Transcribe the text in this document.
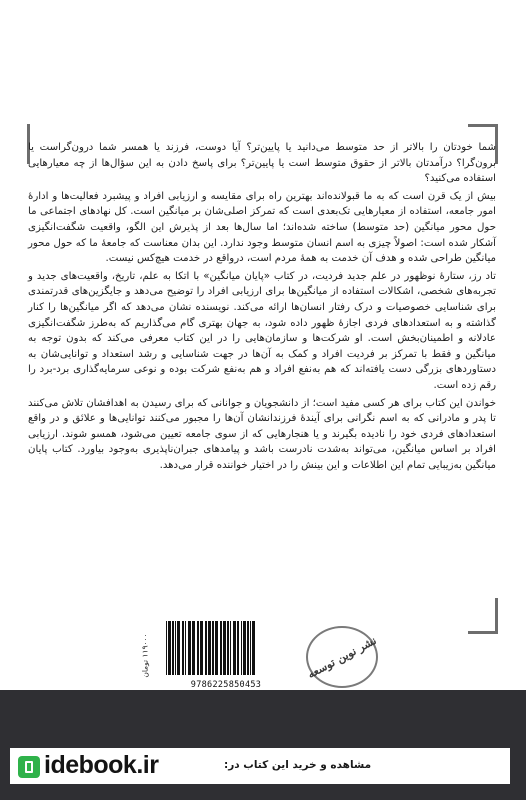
شما خودتان را بالاتر از حد متوسط می‌دانید یا پایین‌تر؟ آیا دوست، فرزند یا همسر شما درون‌گراست یا برون‌گرا؟ درآمدتان بالاتر از حقوق متوسط است یا پایین‌تر؟ برای پاسخ دادن به این سؤال‌ها از چه معیارهایی استفاده می‌کنید؟

بیش از یک قرن است که به ما قبولانده‌اند بهترین راه برای مقایسه و ارزیابی افراد و پیشبرد فعالیت‌ها و ادارهٔ امور جامعه، استفاده از معیارهایی تک‌بعدی است که تمرکز اصلی‌شان بر میانگین است. کل نهادهای اجتماعی ما حول محور میانگین (حد متوسط) ساخته شده‌اند؛ اما سال‌ها بعد از پذیرش این الگو، واقعیت شگفت‌انگیزی آشکار شده است: اصولاً چیزی به اسم انسان متوسط وجود ندارد. این بدان معناست که جامعهٔ ما که حول محور میانگین طراحی شده و هدف آن خدمت به همهٔ مردم است، درواقع در خدمت هیچ‌کس نیست.

تاد رز، ستارهٔ نوظهور در علم جدید فردیت، در کتاب «پایان میانگین» با اتکا به علم، تاریخ، واقعیت‌های جدید و تجربه‌های شخصی، اشکالات استفاده از میانگین‌ها برای ارزیابی افراد را توضیح می‌دهد و جایگزین‌های قدرتمندی برای شناسایی خصوصیات و درک رفتار انسان‌ها ارائه می‌کند. نویسنده نشان می‌دهد که اگر میانگین‌ها را کنار گذاشته و به استعدادهای فردی اجازهٔ ظهور داده شود، به جهان بهتری گام می‌گذاریم که به‌طرز شگفت‌انگیزی عادلانه و اطمینان‌بخش است. او شرکت‌ها و سازمان‌هایی را در این کتاب معرفی می‌کند که بدون توجه به میانگین و فقط با تمرکز بر فردیت افراد و کمک به آن‌ها در جهت شناسایی و رشد استعداد و توانایی‌شان به دستاوردهای بزرگی دست یافته‌اند که هم به‌نفع افراد و هم به‌نفع شرکت بوده و نوعی سرمایه‌گذاری برد-برد را رقم زده است.

خواندن این کتاب برای هر کسی مفید است؛ از دانشجویان و جوانانی که برای رسیدن به اهدافشان تلاش می‌کنند تا پدر و مادرانی که به اسم نگرانی برای آیندهٔ فرزندانشان آن‌ها را مجبور می‌کنند توانایی‌ها و علائق و در واقع استعدادهای فردی خود را نادیده بگیرند و یا هنجارهایی که از سوی جامعه تعیین می‌شود، همسو شوند. ارزیابی افراد بر اساس میانگین، می‌تواند به‌شدت نادرست باشد و پیامدهای جبران‌ناپذیری به‌وجود بیاورد. کتاب پایان میانگین به‌زیبایی تمام این اطلاعات و این بینش را در اختیار خواننده قرار می‌دهد.

۱۱۹۰۰۰ تومان
9786225850453
نشر نوین توسعه
idebook.ir	مشاهده و خرید این کتاب در:
